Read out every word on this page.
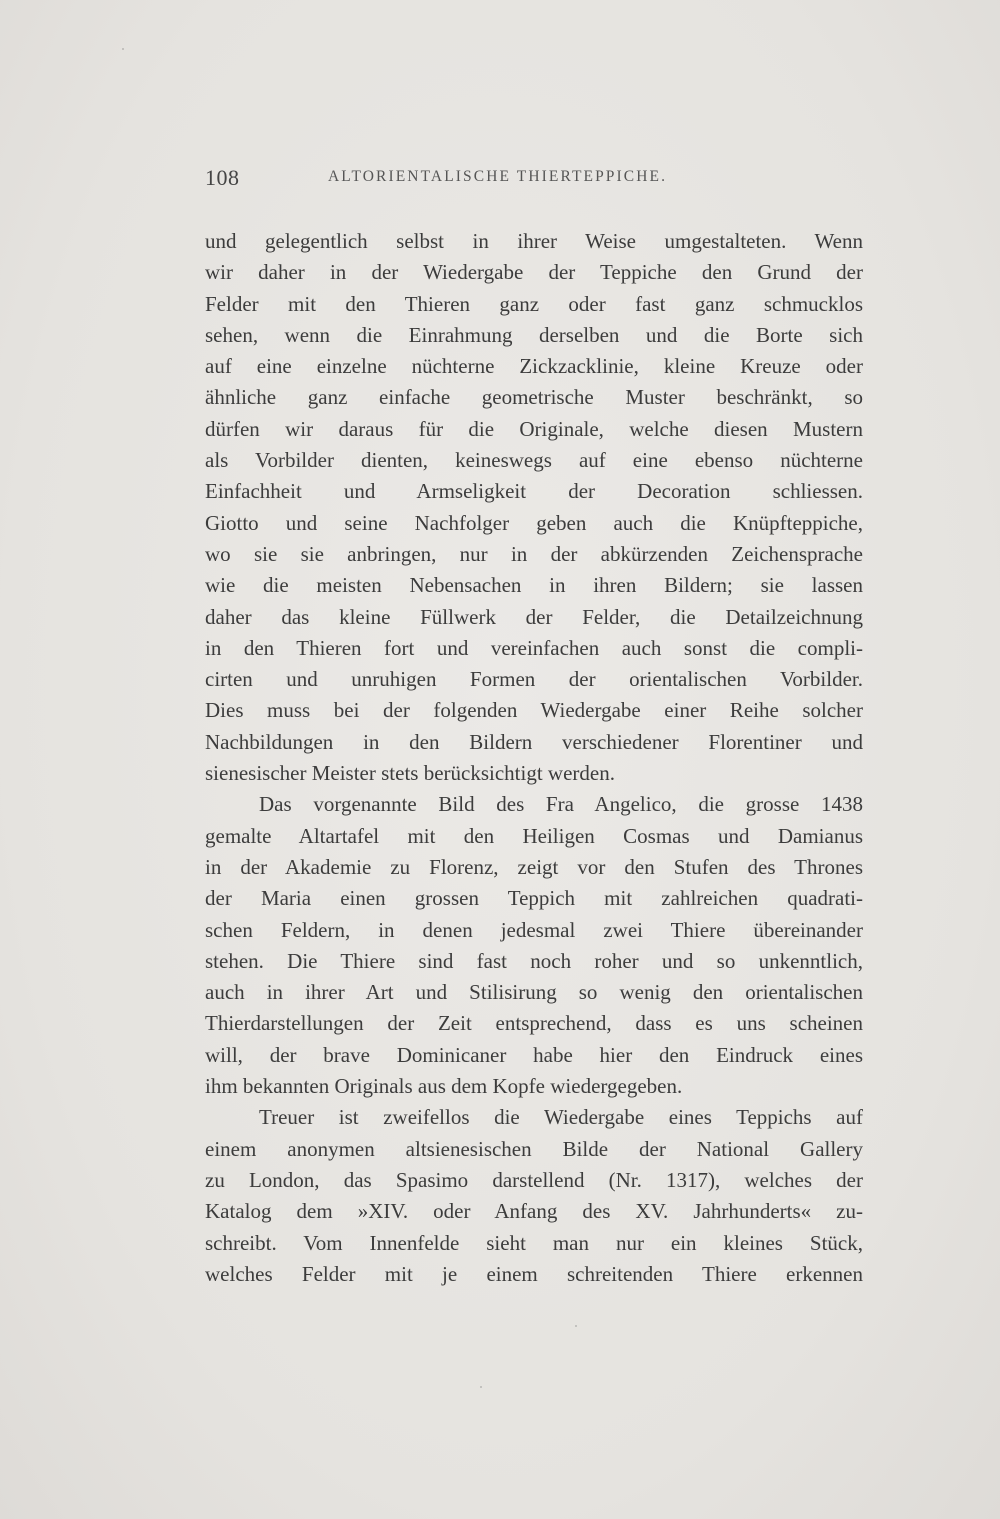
108	ALTORIENTALISCHE THIERTEPPICHE.
und gelegentlich selbst in ihrer Weise umgestalteten. Wenn
wir daher in der Wiedergabe der Teppiche den Grund der
Felder mit den Thieren ganz oder fast ganz schmucklos
sehen, wenn die Einrahmung derselben und die Borte sich
auf eine einzelne nüchterne Zickzacklinie, kleine Kreuze oder
ähnliche ganz einfache geometrische Muster beschränkt, so
dürfen wir daraus für die Originale, welche diesen Mustern
als Vorbilder dienten, keineswegs auf eine ebenso nüchterne
Einfachheit und Armseligkeit der Decoration schliessen.
Giotto und seine Nachfolger geben auch die Knüpfteppiche,
wo sie sie anbringen, nur in der abkürzenden Zeichensprache
wie die meisten Nebensachen in ihren Bildern; sie lassen
daher das kleine Füllwerk der Felder, die Detailzeichnung
in den Thieren fort und vereinfachen auch sonst die compli-
cirten und unruhigen Formen der orientalischen Vorbilder.
Dies muss bei der folgenden Wiedergabe einer Reihe solcher
Nachbildungen in den Bildern verschiedener Florentiner und
sienesischer Meister stets berücksichtigt werden.
Das vorgenannte Bild des Fra Angelico, die grosse 1438
gemalte Altartafel mit den Heiligen Cosmas und Damianus
in der Akademie zu Florenz, zeigt vor den Stufen des Thrones
der Maria einen grossen Teppich mit zahlreichen quadrati-
schen Feldern, in denen jedesmal zwei Thiere übereinander
stehen. Die Thiere sind fast noch roher und so unkenntlich,
auch in ihrer Art und Stilisirung so wenig den orientalischen
Thierdarstellungen der Zeit entsprechend, dass es uns scheinen
will, der brave Dominicaner habe hier den Eindruck eines
ihm bekannten Originals aus dem Kopfe wiedergegeben.
Treuer ist zweifellos die Wiedergabe eines Teppichs auf
einem anonymen altsienesischen Bilde der National Gallery
zu London, das Spasimo darstellend (Nr. 1317), welches der
Katalog dem »XIV. oder Anfang des XV. Jahrhunderts« zu-
schreibt. Vom Innenfelde sieht man nur ein kleines Stück,
welches Felder mit je einem schreitenden Thiere erkennen
